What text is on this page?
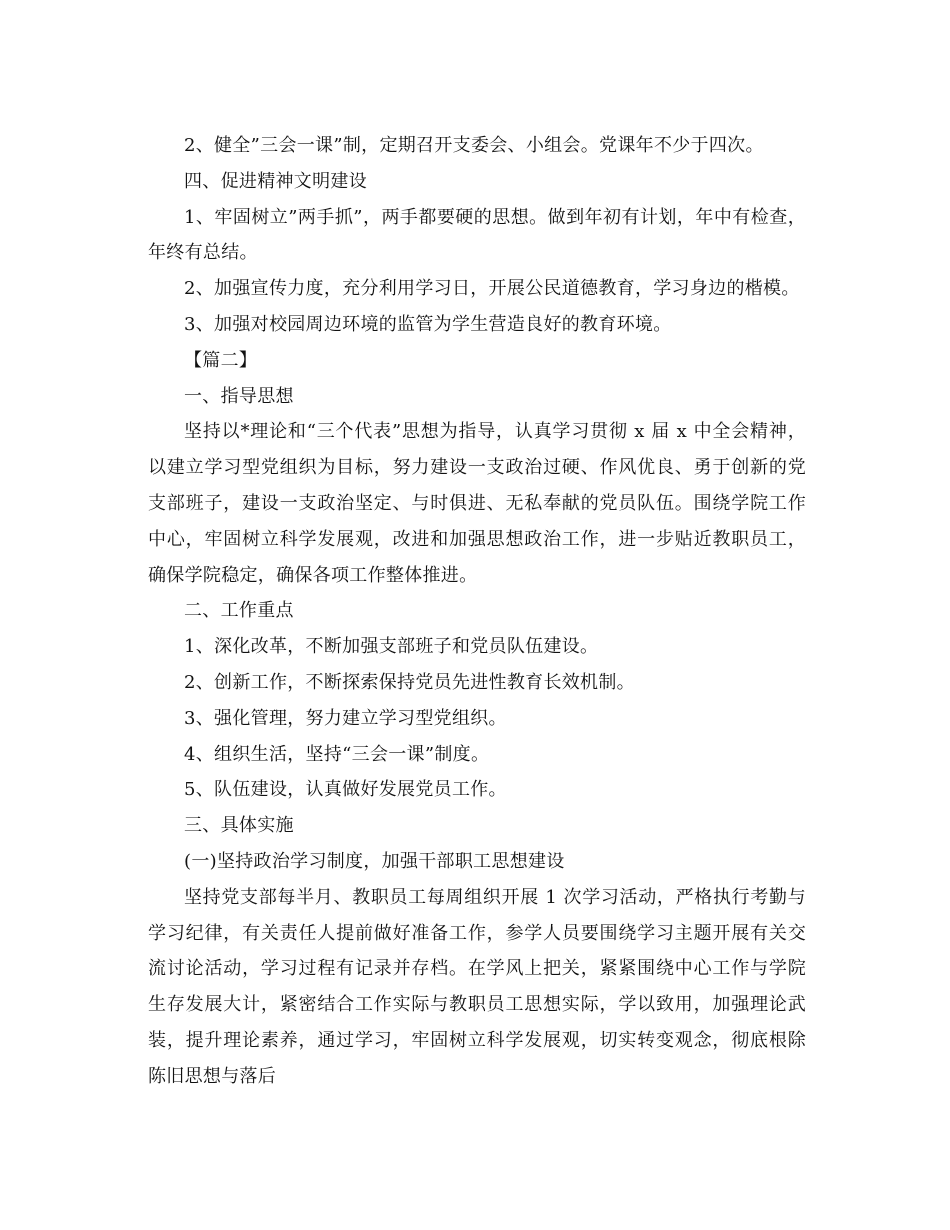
2、健全”三会一课”制，定期召开支委会、小组会。党课年不少于四次。

四、促进精神文明建设

1、牢固树立”两手抓”，两手都要硬的思想。做到年初有计划，年中有检查，年终有总结。

2、加强宣传力度，充分利用学习日，开展公民道德教育，学习身边的楷模。

3、加强对校园周边环境的监管为学生营造良好的教育环境。

【篇二】

一、指导思想

坚持以*理论和“三个代表”思想为指导，认真学习贯彻 x 届 x 中全会精神，以建立学习型党组织为目标，努力建设一支政治过硬、作风优良、勇于创新的党支部班子，建设一支政治坚定、与时俱进、无私奉献的党员队伍。围绕学院工作中心，牢固树立科学发展观，改进和加强思想政治工作，进一步贴近教职员工，确保学院稳定，确保各项工作整体推进。

二、工作重点

1、深化改革，不断加强支部班子和党员队伍建设。

2、创新工作，不断探索保持党员先进性教育长效机制。

3、强化管理，努力建立学习型党组织。

4、组织生活，坚持“三会一课”制度。

5、队伍建设，认真做好发展党员工作。

三、具体实施

(一)坚持政治学习制度，加强干部职工思想建设

坚持党支部每半月、教职员工每周组织开展 1 次学习活动，严格执行考勤与学习纪律，有关责任人提前做好准备工作，参学人员要围绕学习主题开展有关交流讨论活动，学习过程有记录并存档。在学风上把关，紧紧围绕中心工作与学院生存发展大计，紧密结合工作实际与教职员工思想实际，学以致用，加强理论武装，提升理论素养，通过学习，牢固树立科学发展观，切实转变观念，彻底根除陈旧思想与落后
